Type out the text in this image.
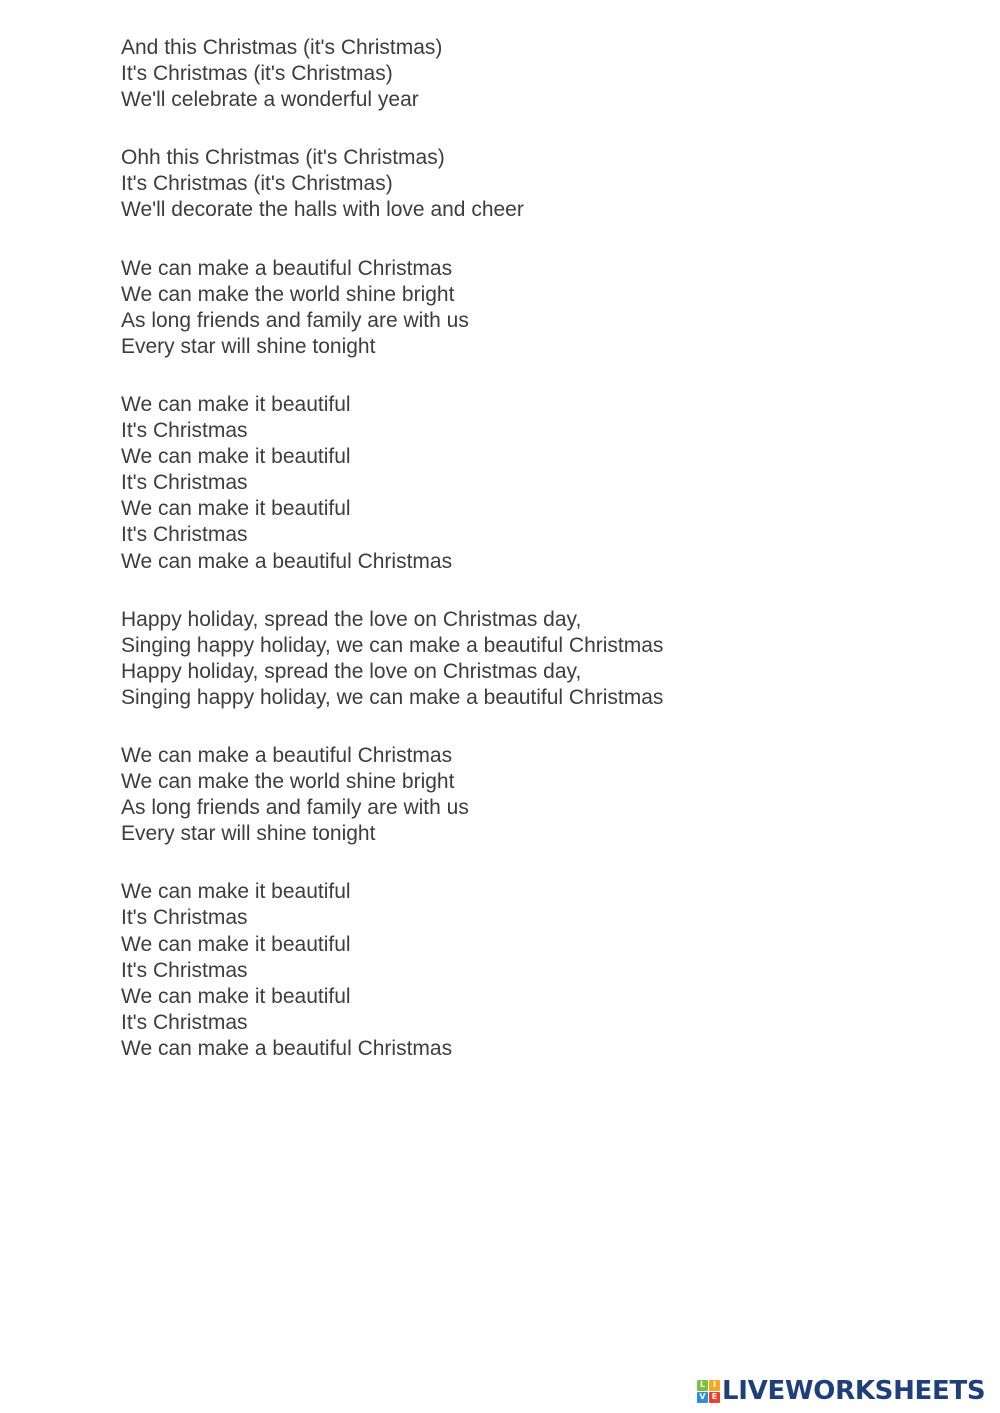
And this Christmas (it's Christmas)
It's Christmas (it's Christmas)
We'll celebrate a wonderful year
Ohh this Christmas (it's Christmas)
It's Christmas (it's Christmas)
We'll decorate the halls with love and cheer
We can make a beautiful Christmas
We can make the world shine bright
As long friends and family are with us
Every star will shine tonight
We can make it beautiful
It's Christmas
We can make it beautiful
It's Christmas
We can make it beautiful
It's Christmas
We can make a beautiful Christmas
Happy holiday, spread the love on Christmas day,
Singing happy holiday, we can make a beautiful Christmas
Happy holiday, spread the love on Christmas day,
Singing happy holiday, we can make a beautiful Christmas
We can make a beautiful Christmas
We can make the world shine bright
As long friends and family are with us
Every star will shine tonight
We can make it beautiful
It's Christmas
We can make it beautiful
It's Christmas
We can make it beautiful
It's Christmas
We can make a beautiful Christmas
L I
V E LIVEWORKSHEETS
